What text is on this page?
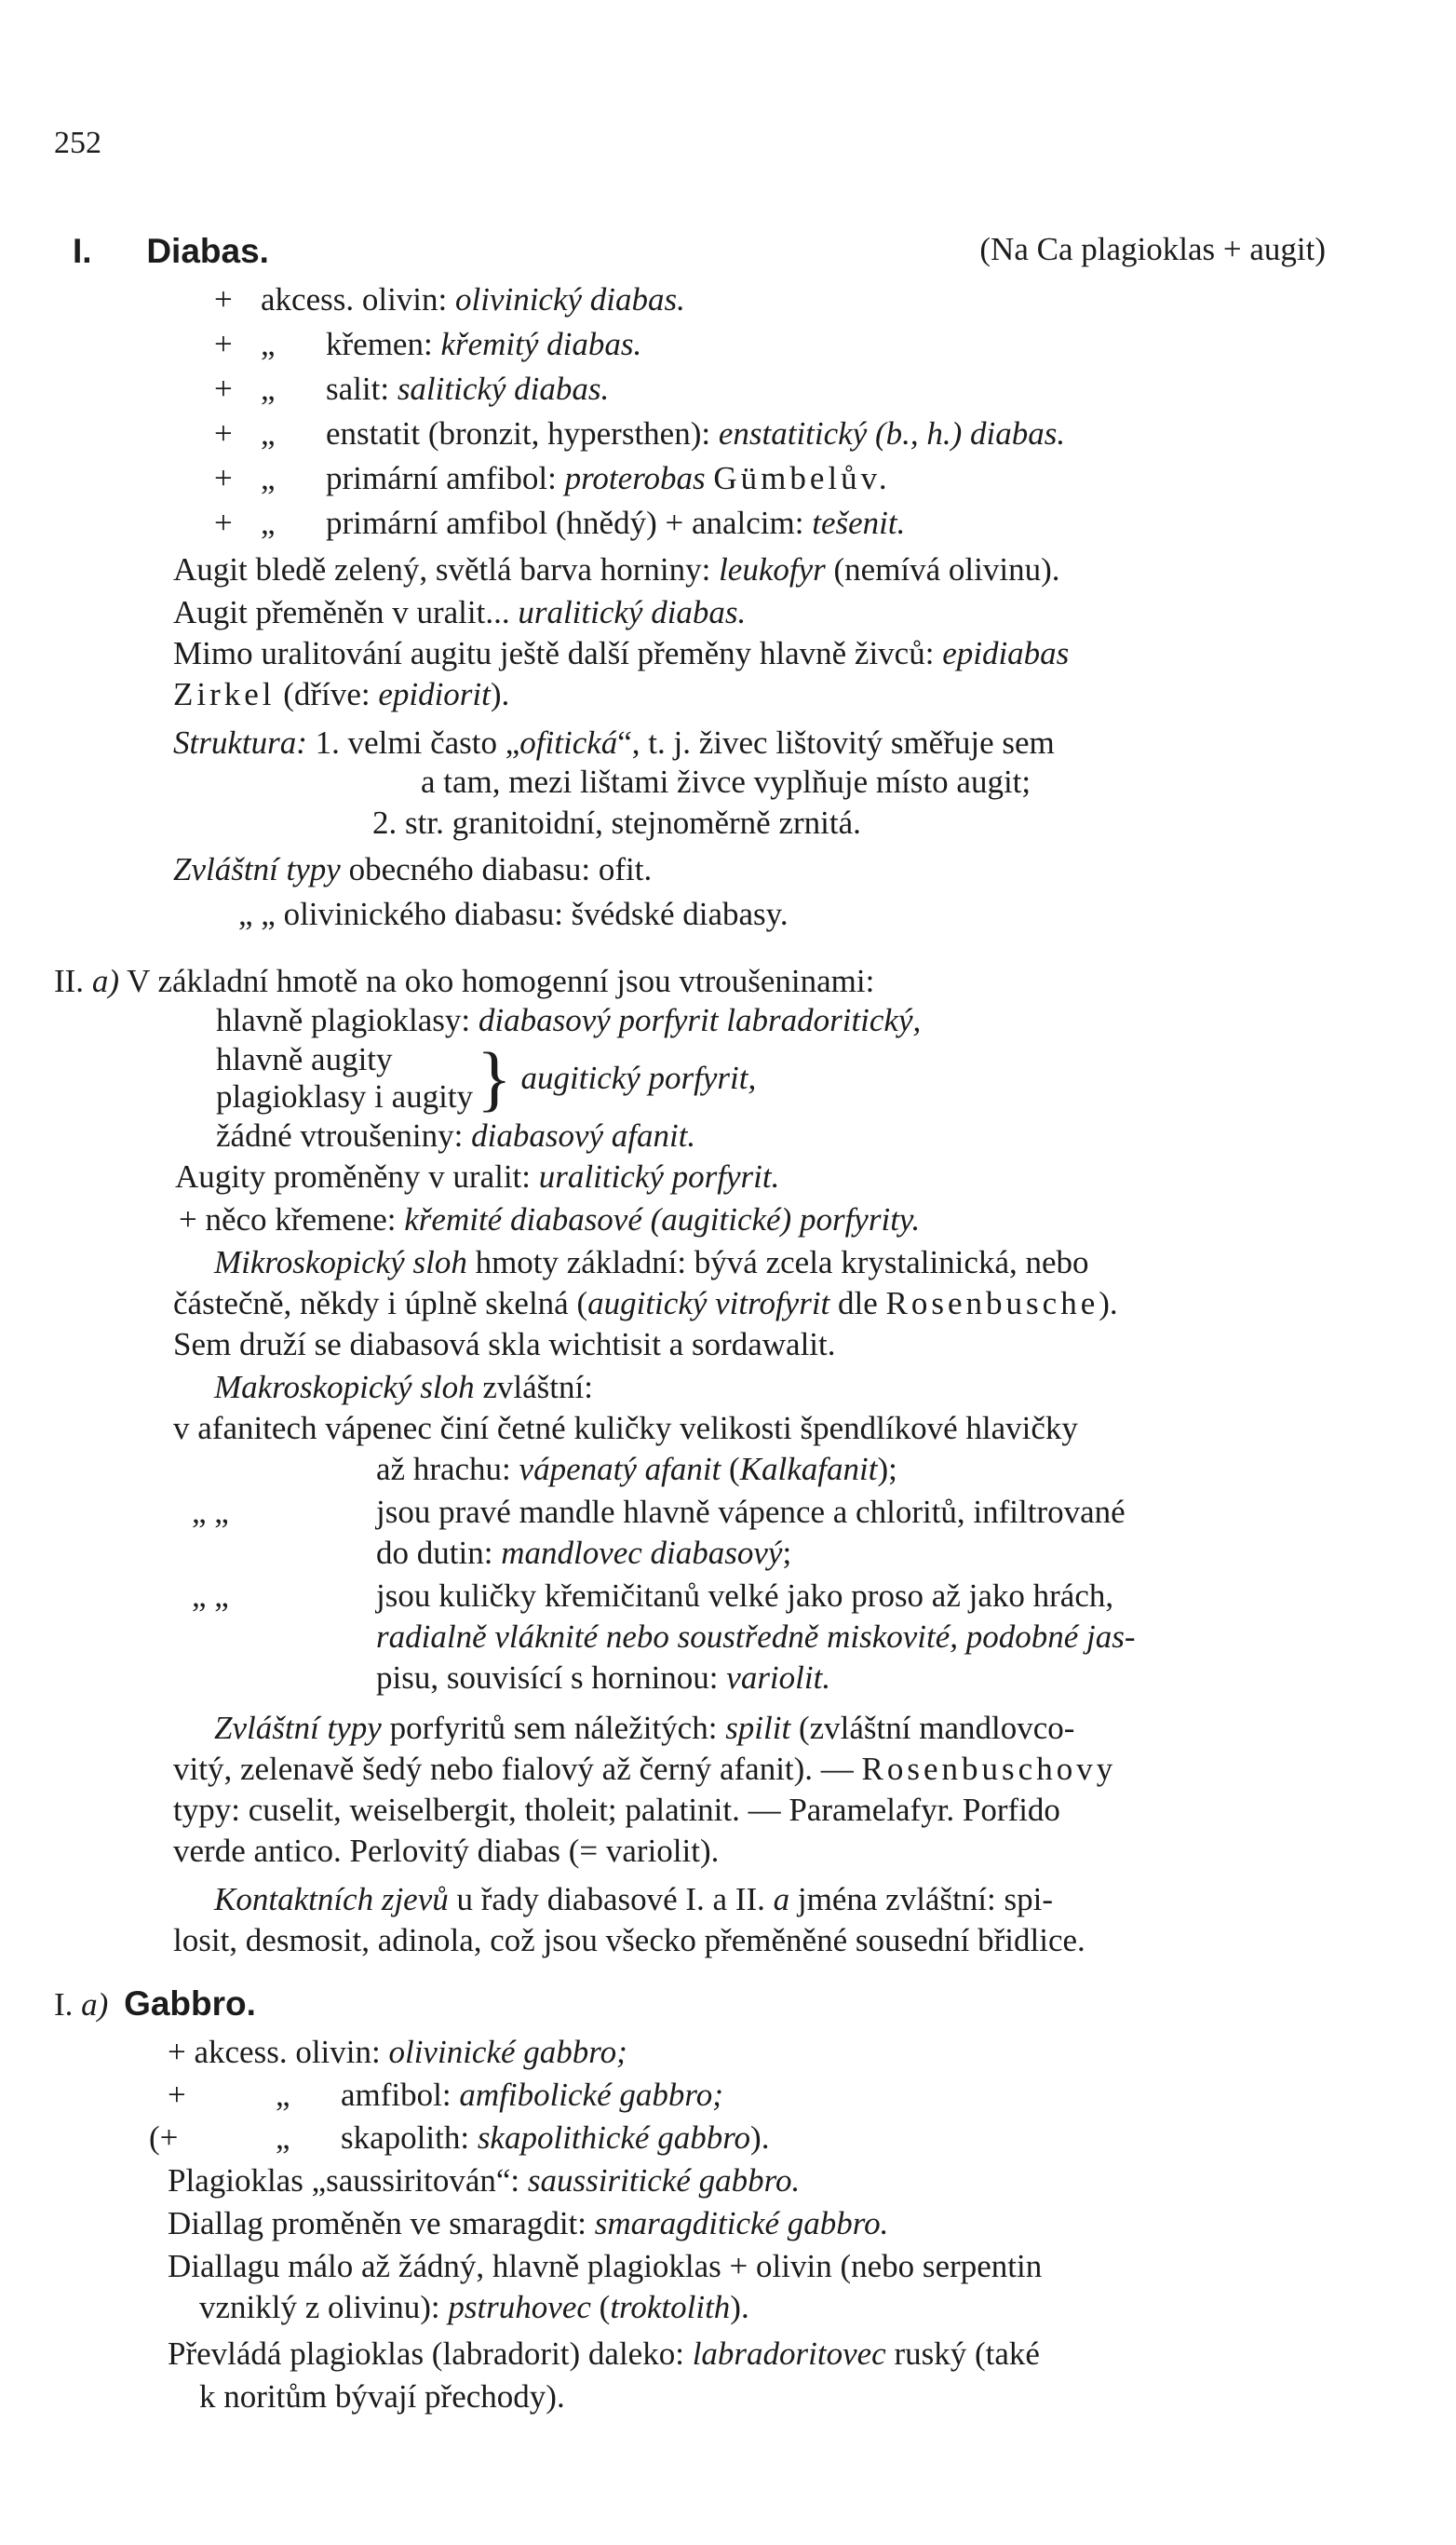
252
I. Diabas.	(Na Ca plagioklas + augit)
+ akcess. olivin: olivinický diabas.
+ „ křemen: křemitý diabas.
+ „ salit: salitický diabas.
+ „ enstatit (bronzit, hypersthen): enstatitický (b., h.) diabas.
+ „ primární amfibol: proterobas Gümbelův.
+ „ primární amfibol (hnědý) + analcim: tešenit.
Augit bledě zelený, světlá barva horniny: leukofyr (nemívá olivinu).
Augit přeměněn v uralit... uralitický diabas.
Mimo uralitování augitu ještě další přeměny hlavně živců: epidiabas
Zirkel (dříve: epidiorit).
Struktura: 1. velmi často „ofitická“, t. j. živec lištovitý směřuje sem
a tam, mezi lištami živce vyplňuje místo augit;
2. str. granitoidní, stejnoměrně zrnitá.
Zvláštní typy obecného diabasu: ofit.
„ „ olivinického diabasu: švédské diabasy.
II. a) V základní hmotě na oko homogenní jsou vtroušeninami:
hlavně plagioklasy: diabasový porfyrit labradoritický,
hlavně augity
plagioklasy i augity } augitický porfyrit,
žádné vtroušeniny: diabasový afanit.
Augity proměněny v uralit: uralitický porfyrit.
+ něco křemene: křemité diabasové (augitické) porfyrity.
Mikroskopický sloh hmoty základní: bývá zcela krystalinická, nebo
částečně, někdy i úplně skelná (augitický vitrofyrit dle Rosenbusche).
Sem druží se diabasová skla wichtisit a sordawalit.
Makroskopický sloh zvláštní:
v afanitech vápenec činí četné kuličky velikosti špendlíkové hlavičky
až hrachu: vápenatý afanit (Kalkafanit);
„ „	jsou pravé mandle hlavně vápence a chloritů, infiltrované
do dutin: mandlovec diabasový;
„ „	jsou kuličky křemičitanů velké jako proso až jako hrách,
radialně vláknité nebo soustředně miskovité, podobné jas-
pisu, souvisící s horninou: variolit.
Zvláštní typy porfyritů sem náležitých: spilit (zvláštní mandlovco-
vitý, zelenavě šedý nebo fialový až černý afanit). — Rosenbuschovy
typy: cuselit, weiselbergit, tholeit; palatinit. — Paramelafyr. Porfido
verde antico. Perlovitý diabas (= variolit).
Kontaktních zjevů u řady diabasové I. a II. a jména zvláštní: spi-
losit, desmosit, adinola, což jsou všecko přeměněné sousední břidlice.
I. a) Gabbro.
+ akcess. olivin: olivinické gabbro;
+	„ amfibol: amfibolické gabbro;
(+	„ skapolith: skapolithické gabbro).
Plagioklas „saussiritován“: saussiritické gabbro.
Diallag proměněn ve smaragdit: smaragditické gabbro.
Diallagu málo až žádný, hlavně plagioklas + olivin (nebo serpentin
vzniklý z olivinu): pstruhovec (troktolith).
Převládá plagioklas (labradorit) daleko: labradoritovec ruský (také
k noritům bývají přechody).
